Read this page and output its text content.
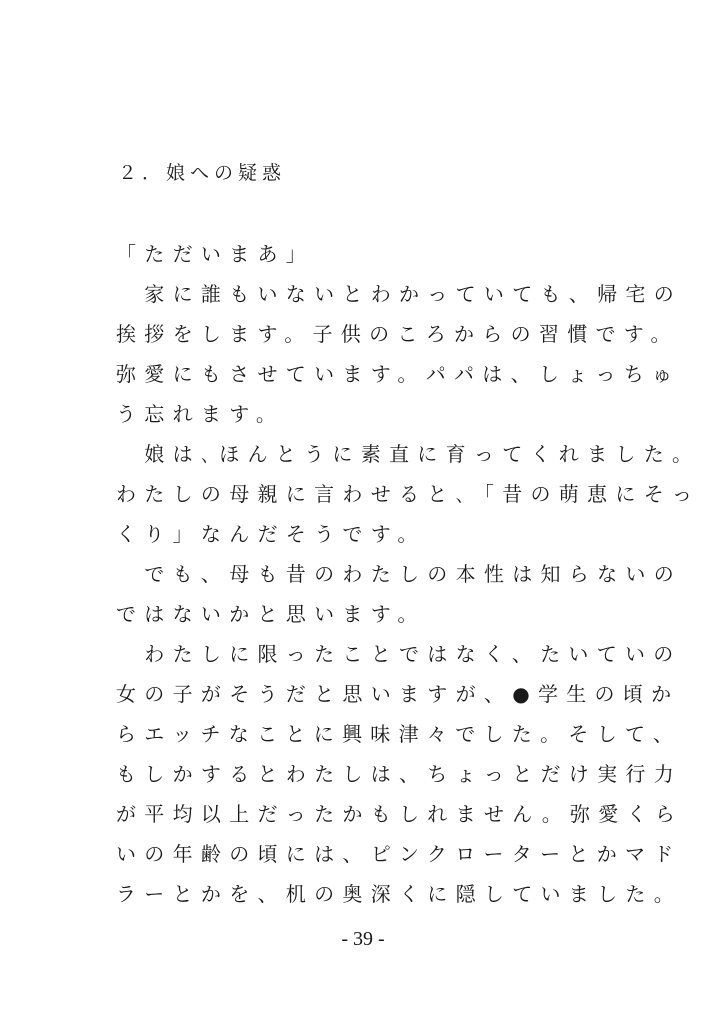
２．娘への疑惑
「ただいまあ」
　家に誰もいないとわかっていても、帰宅の
挨拶をします。子供のころからの習慣です。
弥愛にもさせています。パパは、しょっちゅ
う忘れます。
　娘は､ほんとうに素直に育ってくれました。
わたしの母親に言わせると､「昔の萌恵にそっ
くり」なんだそうです。
　でも、母も昔のわたしの本性は知らないの
ではないかと思います。
　わたしに限ったことではなく、たいていの
女の子がそうだと思いますが、●学生の頃か
らエッチなことに興味津々でした。そして、
もしかするとわたしは、ちょっとだけ実行力
が平均以上だったかもしれません。弥愛くら
いの年齢の頃には、ピンクローターとかマド
ラーとかを、机の奥深くに隠していました。
- 39 -
